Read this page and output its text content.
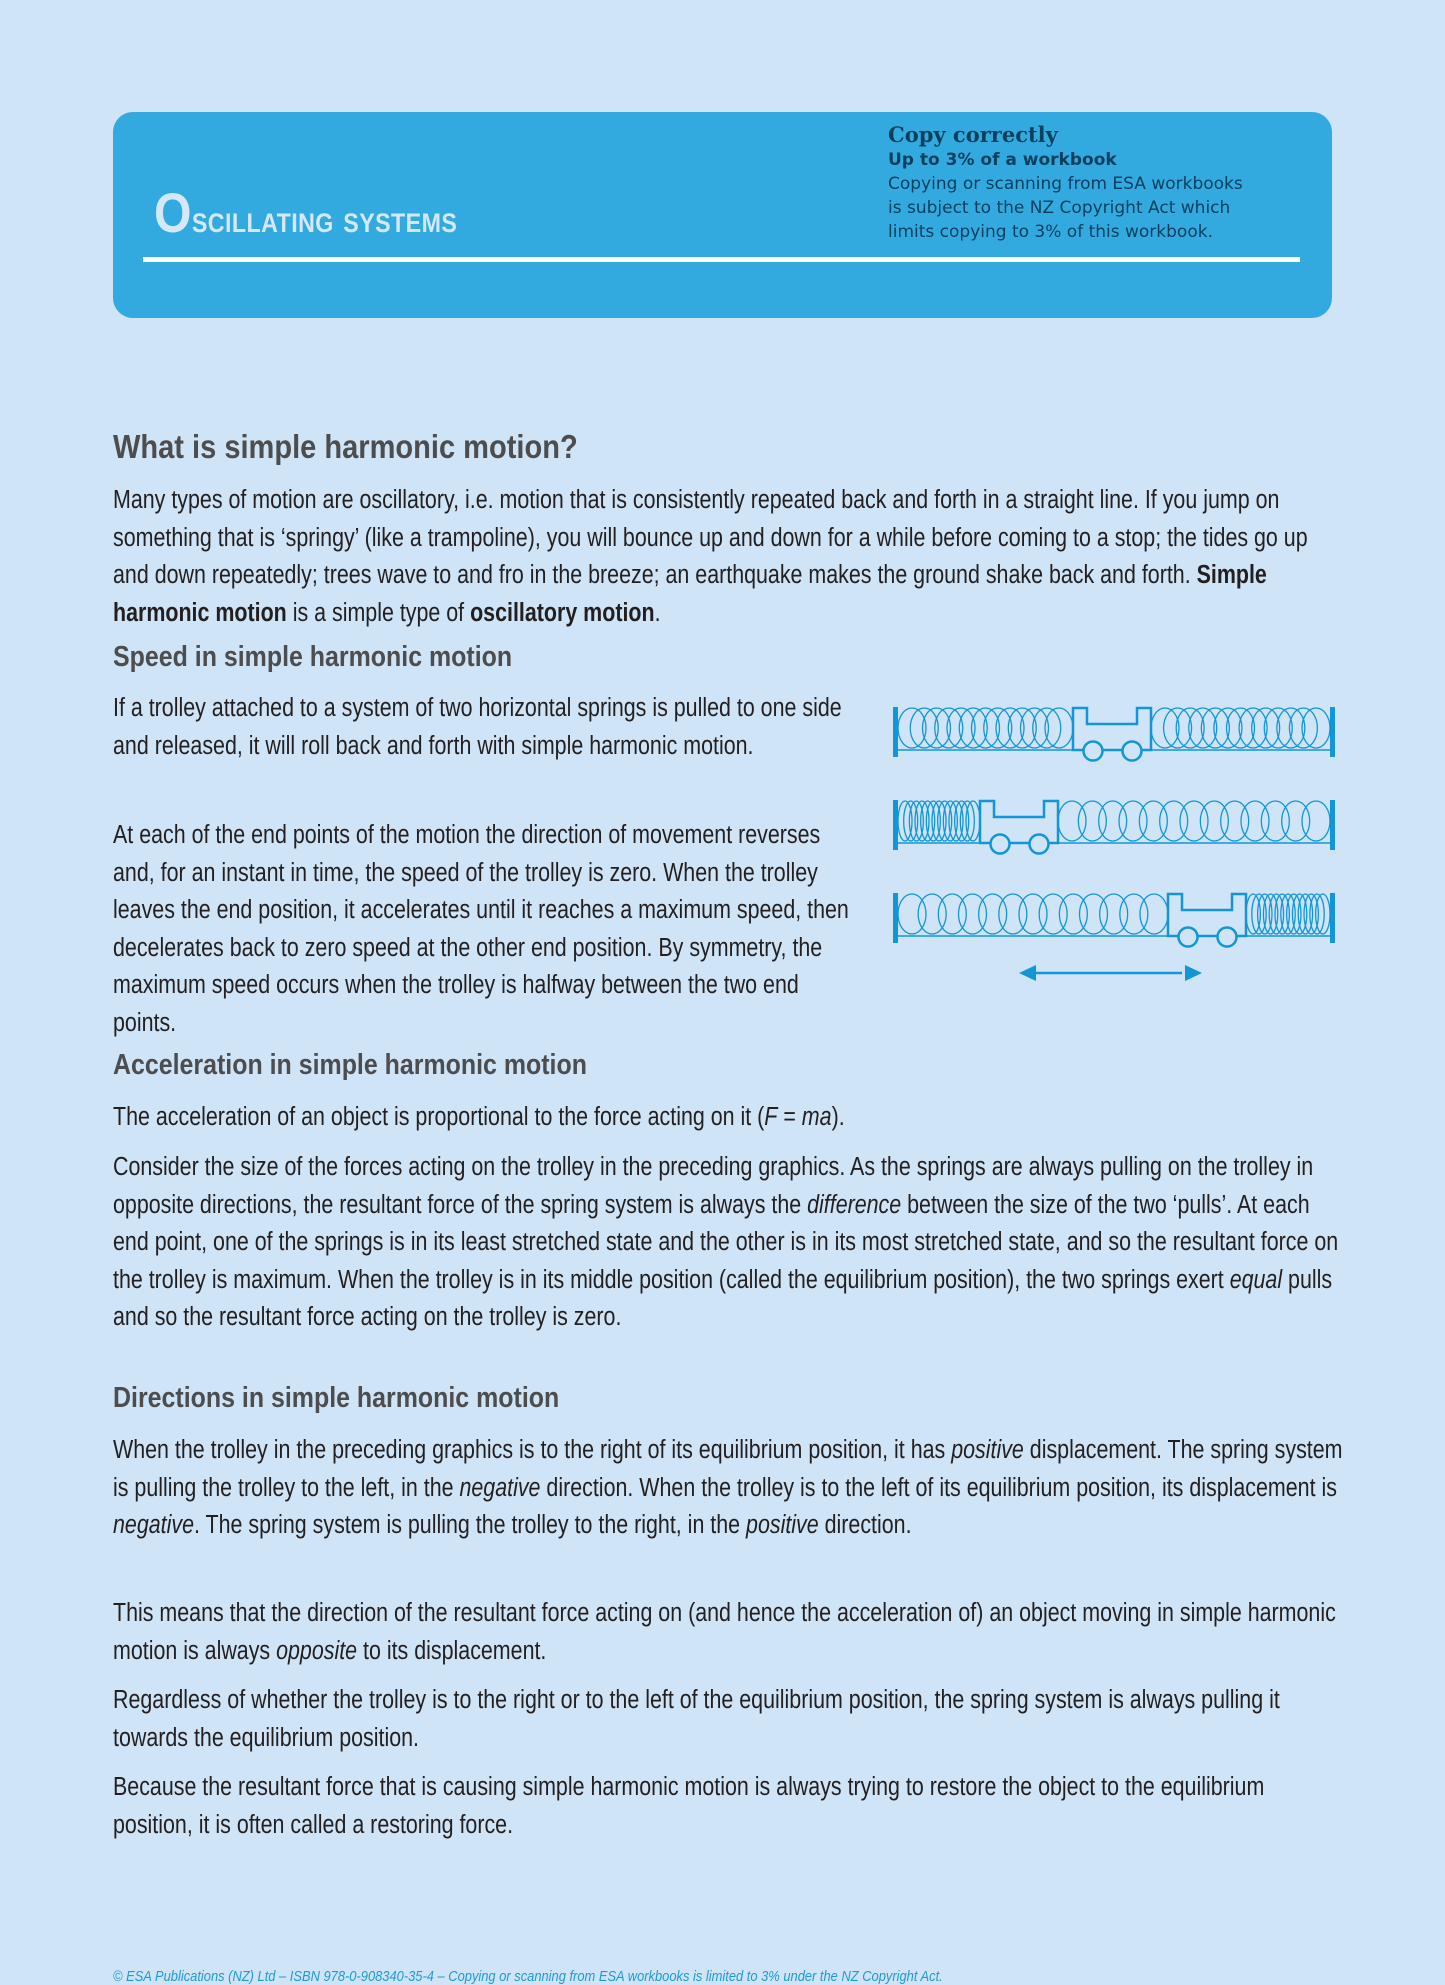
Oscillating systems
Copy correctly
Up to 3% of a workbook
Copying or scanning from ESA workbooks
is subject to the NZ Copyright Act which
limits copying to 3% of this workbook.
What is simple harmonic motion?
Many types of motion are oscillatory, i.e. motion that is consistently repeated back and forth in a straight line. If you jump on something that is ‘springy’ (like a trampoline), you will bounce up and down for a while before coming to a stop; the tides go up and down repeatedly; trees wave to and fro in the breeze; an earthquake makes the ground shake back and forth. Simple harmonic motion is a simple type of oscillatory motion.
Speed in simple harmonic motion
If a trolley attached to a system of two horizontal springs is pulled to one side and released, it will roll back and forth with simple harmonic motion.
At each of the end points of the motion the direction of movement reverses and, for an instant in time, the speed of the trolley is zero. When the trolley leaves the end position, it accelerates until it reaches a maximum speed, then decelerates back to zero speed at the other end position. By symmetry, the maximum speed occurs when the trolley is halfway between the two end points.
Acceleration in simple harmonic motion
The acceleration of an object is proportional to the force acting on it (F = ma).
Consider the size of the forces acting on the trolley in the preceding graphics. As the springs are always pulling on the trolley in opposite directions, the resultant force of the spring system is always the difference between the size of the two ‘pulls’. At each end point, one of the springs is in its least stretched state and the other is in its most stretched state, and so the resultant force on the trolley is maximum. When the trolley is in its middle position (called the equilibrium position), the two springs exert equal pulls and so the resultant force acting on the trolley is zero.
Directions in simple harmonic motion
When the trolley in the preceding graphics is to the right of its equilibrium position, it has positive displacement. The spring system is pulling the trolley to the left, in the negative direction. When the trolley is to the left of its equilibrium position, its displacement is negative. The spring system is pulling the trolley to the right, in the positive direction.
This means that the direction of the resultant force acting on (and hence the acceleration of) an object moving in simple harmonic motion is always opposite to its displacement.
Regardless of whether the trolley is to the right or to the left of the equilibrium position, the spring system is always pulling it towards the equilibrium position.
Because the resultant force that is causing simple harmonic motion is always trying to restore the object to the equilibrium position, it is often called a restoring force.
© ESA Publications (NZ) Ltd – ISBN 978-0-908340-35-4 – Copying or scanning from ESA workbooks is limited to 3% under the NZ Copyright Act.
